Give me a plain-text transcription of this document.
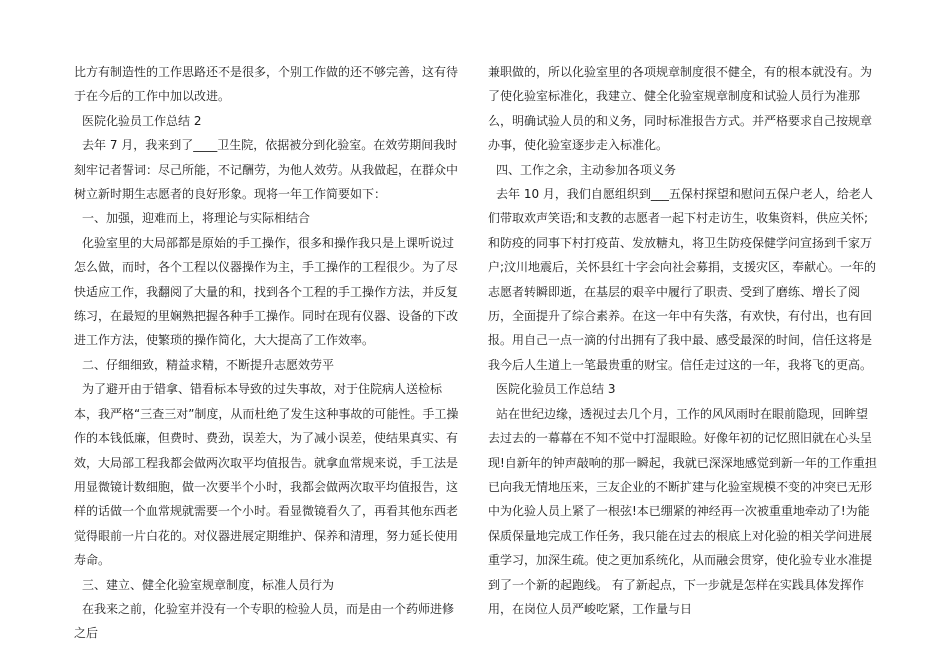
比方有制造性的工作思路还不是很多，个别工作做的还不够完善，这有待于在今后的工作中加以改进。

医院化验员工作总结 2

去年 7 月，我来到了____卫生院，依据被分到化验室。在效劳期间我时刻牢记者誓词：尽己所能，不记酬劳，为他人效劳。从我做起，在群众中树立新时期生志愿者的良好形象。现将一年工作简要如下：

一、加强，迎难而上，将理论与实际相结合

化验室里的大局部都是原始的手工操作，很多和操作我只是上课听说过怎么做，而时，各个工程以仪器操作为主，手工操作的工程很少。为了尽快适应工作，我翻阅了大量的和，找到各个工程的手工操作方法，并反复练习，在最短的里娴熟把握各种手工操作。同时在现有仪器、设备的下改进工作方法，使繁琐的操作简化，大大提高了工作效率。

二、仔细细致，精益求精，不断提升志愿效劳平

为了避开由于错拿、错看标本导致的过失事故，对于住院病人送检标本，我严格“三查三对”制度，从而杜绝了发生这种事故的可能性。手工操作的本钱低廉，但费时、费劲，误差大，为了减小误差，使结果真实、有效，大局部工程我都会做两次取平均值报告。就拿血常规来说，手工法是用显微镜计数细胞，做一次要半个小时，我都会做两次取平均值报告，这样的话做一个血常规就需要一个小时。看显微镜看久了，再看其他东西老觉得眼前一片白花的。对仪器进展定期维护、保养和清理，努力延长使用寿命。

三、建立、健全化验室规章制度，标准人员行为

在我来之前，化验室并没有一个专职的检验人员，而是由一个药师进修之后

兼职做的，所以化验室里的各项规章制度很不健全，有的根本就没有。为了使化验室标准化，我建立、健全化验室规章制度和试验人员行为准那么，明确试验人员的和义务，同时标准报告方式。并严格要求自己按规章办事，使化验室逐步走入标准化。

四、工作之余，主动参加各项义务

去年 10 月，我们自愿组织到___五保村探望和慰问五保户老人，给老人们带取欢声笑语;和支教的志愿者一起下村走访生，收集资料，供应关怀;和防疫的同事下村打疫苗、发放糖丸，将卫生防疫保健学问宣扬到千家万户;汶川地震后，关怀县红十字会向社会募捐，支援灾区，奉献心。一年的志愿者转瞬即逝，在基层的艰辛中履行了职责、受到了磨练、增长了阅历，全面提升了综合素养。在这一年中有失落，有欢快，有付出，也有回报。用自己一点一滴的付出拥有了我中最、感受最深的时间，信任这将是我今后人生道上一笔最贵重的财宝。信任走过这的一年，我将飞的更高。

医院化验员工作总结 3

站在世纪边缘，透视过去几个月，工作的风风雨时在眼前隐现，回眸望去过去的一幕幕在不知不觉中打湿眼睑。好像年初的记忆照旧就在心头呈现!自新年的钟声敲响的那一瞬起，我就已深深地感觉到新一年的工作重担已向我无情地压来，三友企业的不断扩建与化验室规模不变的冲突已无形中为化验人员上紧了一根弦!本已绷紧的神经再一次被重重地牵动了!为能保质保量地完成工作任务，我只能在过去的根底上对化验的相关学问进展重学习，加深生疏。使之更加系统化，从而融会贯穿，使化验专业水准提到了一个新的起跑线。 有了新起点，下一步就是怎样在实践具体发挥作用，在岗位人员严峻吃紧，工作量与日
